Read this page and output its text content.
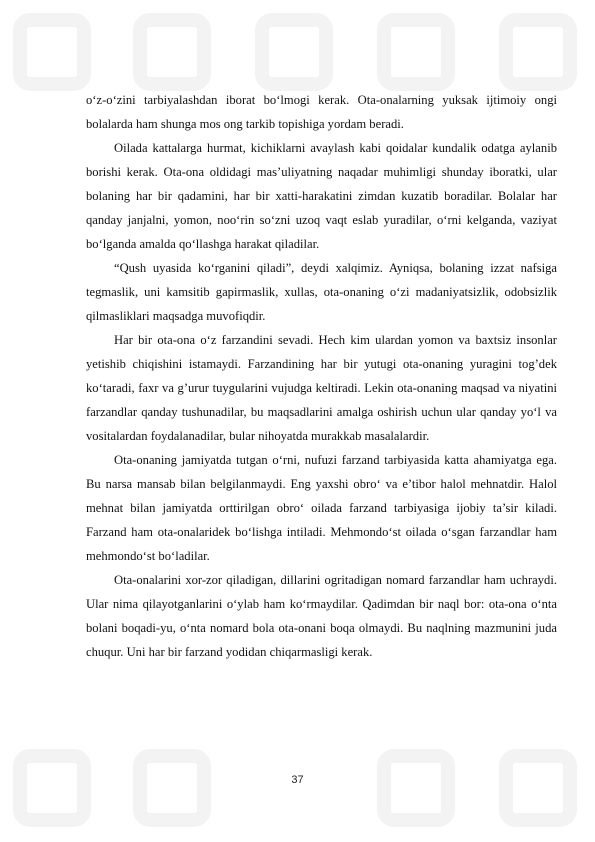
o‘z-o‘zini tarbiyalashdan iborat bo‘lmogi kerak. Ota-onalarning yuksak ijtimoiy ongi bolalarda ham shunga mos ong tarkib topishiga yordam beradi.

Oilada kattalarga hurmat, kichiklarni avaylash kabi qoidalar kundalik odatga aylanib borishi kerak. Ota-ona oldidagi mas’uliyatning naqadar muhimligi shunday iboratki, ular bolaning har bir qadamini, har bir xatti-harakatini zimdan kuzatib boradilar. Bolalar har qanday janjalni, yomon, noo‘rin so‘zni uzoq vaqt eslab yuradilar, o‘rni kelganda, vaziyat bo‘lganda amalda qo‘llashga harakat qiladilar.

“Qush uyasida ko‘rganini qiladi”, deydi xalqimiz. Ayniqsa, bolaning izzat nafsiga tegmaslik, uni kamsitib gapirmaslik, xullas, ota-onaning o‘zi madaniyatsizlik, odobsizlik qilmasliklari maqsadga muvofiqdir.

Har bir ota-ona o‘z farzandini sevadi. Hech kim ulardan yomon va baxtsiz insonlar yetishib chiqishini istamaydi. Farzandining har bir yutugi ota-onaning yuragini tog’dek ko‘taradi, faxr va g’urur tuygularini vujudga keltiradi. Lekin ota-onaning maqsad va niyatini farzandlar qanday tushunadilar, bu maqsadlarini amalga oshirish uchun ular qanday yo‘l va vositalardan foydalanadilar, bular nihoyatda murakkab masalalardir.

Ota-onaning jamiyatda tutgan o‘rni, nufuzi farzand tarbiyasida katta ahamiyatga ega. Bu narsa mansab bilan belgilanmaydi. Eng yaxshi obro‘ va e’tibor halol mehnatdir. Halol mehnat bilan jamiyatda orttirilgan obro‘ oilada farzand tarbiyasiga ijobiy ta’sir kiladi. Farzand ham ota-onalaridek bo‘lishga intiladi. Mehmondo‘st oilada o‘sgan farzandlar ham mehmondo‘st bo‘ladilar.

Ota-onalarini xor-zor qiladigan, dillarini ogritadigan nomard farzandlar ham uchraydi. Ular nima qilayotganlarini o‘ylab ham ko‘rmaydilar. Qadimdan bir naql bor: ota-ona o‘nta bolani boqadi-yu, o‘nta nomard bola ota-onani boqa olmaydi. Bu naqlning mazmunini juda chuqur. Uni har bir farzand yodidan chiqarmasligi kerak.

37
